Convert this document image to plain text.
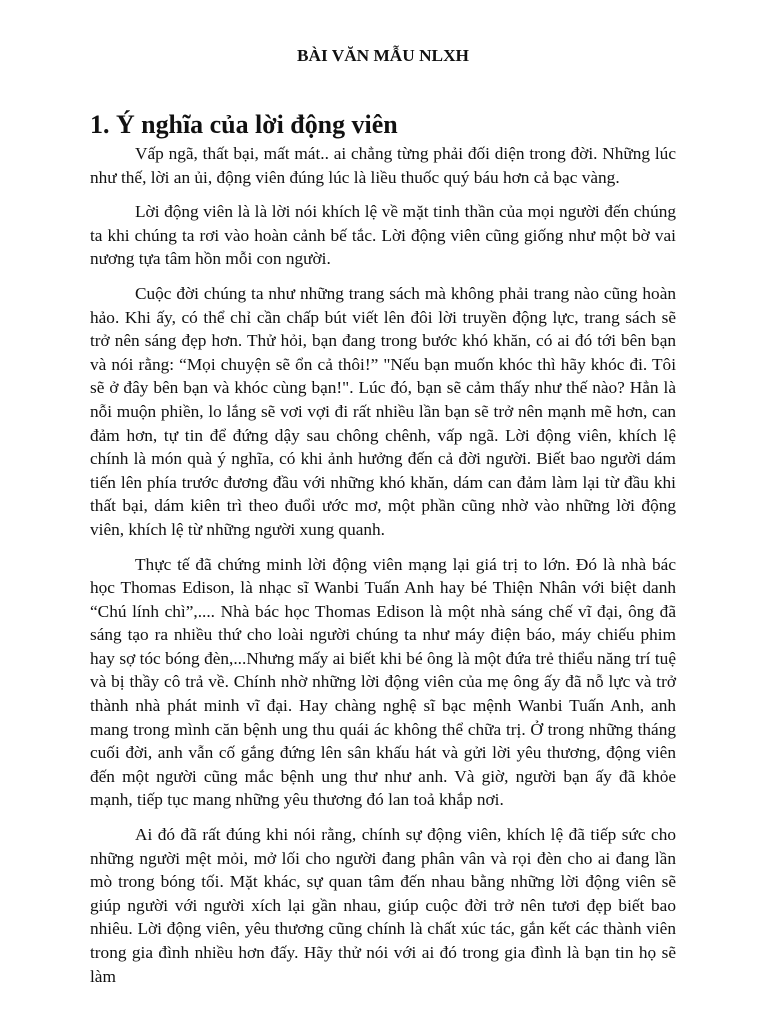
BÀI VĂN MẪU NLXH
1. Ý nghĩa của lời động viên

Vấp ngã, thất bại, mất mát.. ai chẳng từng phải đối diện trong đời. Những lúc như thế, lời an ủi, động viên đúng lúc là liều thuốc quý báu hơn cả bạc vàng.

Lời động viên là là lời nói khích lệ về mặt tinh thần của mọi người đến chúng ta khi chúng ta rơi vào hoàn cảnh bế tắc. Lời động viên cũng giống như một bờ vai nương tựa tâm hồn mỗi con người.

Cuộc đời chúng ta như những trang sách mà không phải trang nào cũng hoàn hảo. Khi ấy, có thể chỉ cần chấp bút viết lên đôi lời truyền động lực, trang sách sẽ trở nên sáng đẹp hơn. Thử hỏi, bạn đang trong bước khó khăn, có ai đó tới bên bạn và nói rằng: “Mọi chuyện sẽ ổn cả thôi!” "Nếu bạn muốn khóc thì hãy khóc đi. Tôi sẽ ở đây bên bạn và khóc cùng bạn!". Lúc đó, bạn sẽ cảm thấy như thế nào? Hẳn là nỗi muộn phiền, lo lắng sẽ vơi vợi đi rất nhiều lần bạn sẽ trở nên mạnh mẽ hơn, can đảm hơn, tự tin để đứng dậy sau chông chênh, vấp ngã. Lời động viên, khích lệ chính là món quà ý nghĩa, có khi ảnh hưởng đến cả đời người. Biết bao người dám tiến lên phía trước đương đầu với những khó khăn, dám can đảm làm lại từ đầu khi thất bại, dám kiên trì theo đuổi ước mơ, một phần cũng nhờ vào những lời động viên, khích lệ từ những người xung quanh.

Thực tế đã chứng minh lời động viên mạng lại giá trị to lớn. Đó là nhà bác học Thomas Edison, là nhạc sĩ Wanbi Tuấn Anh hay bé Thiện Nhân với biệt danh “Chú lính chì”,.... Nhà bác học Thomas Edison là một nhà sáng chế vĩ đại, ông đã sáng tạo ra nhiều thứ cho loài người chúng ta như máy điện báo, máy chiếu phim hay sợ tóc bóng đèn,...Nhưng mấy ai biết khi bé ông là một đứa trẻ thiểu năng trí tuệ và bị thầy cô trả về. Chính nhờ những lời động viên của mẹ ông ấy đã nỗ lực và trở thành nhà phát minh vĩ đại. Hay chàng nghệ sĩ bạc mệnh Wanbi Tuấn Anh, anh mang trong mình căn bệnh ung thu quái ác không thể chữa trị. Ở trong những tháng cuối đời, anh vẫn cố gắng đứng lên sân khấu hát và gửi lời yêu thương, động viên đến một người cũng mắc bệnh ung thư như anh. Và giờ, người bạn ấy đã khỏe mạnh, tiếp tục mang những yêu thương đó lan toả khắp nơi.

Ai đó đã rất đúng khi nói rằng, chính sự động viên, khích lệ đã tiếp sức cho những người mệt mỏi, mở lối cho người đang phân vân và rọi đèn cho ai đang lần mò trong bóng tối. Mặt khác, sự quan tâm đến nhau bằng những lời động viên sẽ giúp người với người xích lại gần nhau, giúp cuộc đời trở nên tươi đẹp biết bao nhiêu. Lời động viên, yêu thương cũng chính là chất xúc tác, gắn kết các thành viên trong gia đình nhiều hơn đấy. Hãy thử nói với ai đó trong gia đình là bạn tin họ sẽ làm
